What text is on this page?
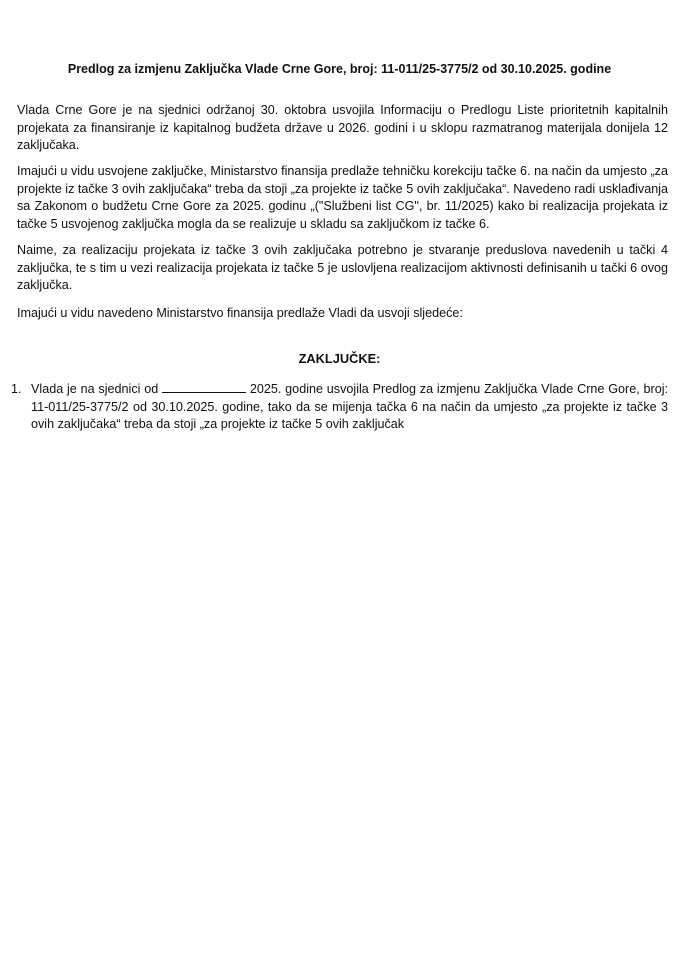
Predlog za izmjenu Zaključka Vlade Crne Gore, broj: 11-011/25-3775/2 od 30.10.2025. godine

Vlada Crne Gore je na sjednici održanoj 30. oktobra usvojila Informaciju o Predlogu Liste prioritetnih kapitalnih projekata za finansiranje iz kapitalnog budžeta države u 2026. godini i u sklopu razmatranog materijala donijela 12 zaključaka.

Imajući u vidu usvojene zaključke, Ministarstvo finansija predlaže tehničku korekciju tačke 6. na način da umjesto „za projekte iz tačke 3 ovih zaključaka“ treba da stoji „za projekte iz tačke 5 ovih zaključaka“. Navedeno radi usklađivanja sa Zakonom o budžetu Crne Gore za 2025. godinu „("Službeni list CG", br. 11/2025) kako bi realizacija projekata iz tačke 5 usvojenog zaključka mogla da se realizuje u skladu sa zaključkom iz tačke 6.

Naime, za realizaciju projekata iz tačke 3 ovih zaključaka potrebno je stvaranje preduslova navedenih u tački 4 zaključka, te s tim u vezi realizacija projekata iz tačke 5 je uslovljena realizacijom aktivnosti definisanih u tački 6 ovog zaključka.

Imajući u vidu navedeno Ministarstvo finansija predlaže Vladi da usvoji sljedeće:

ZAKLJUČKE:
1. Vlada je na sjednici od	2025. godine usvojila Predlog za izmjenu Zaključka Vlade Crne Gore, broj: 11-011/25-3775/2 od 30.10.2025. godine, tako da se mijenja tačka 6 na način da umjesto „za projekte iz tačke 3 ovih zaključaka“ treba da stoji „za projekte iz tačke 5 ovih zaključak
